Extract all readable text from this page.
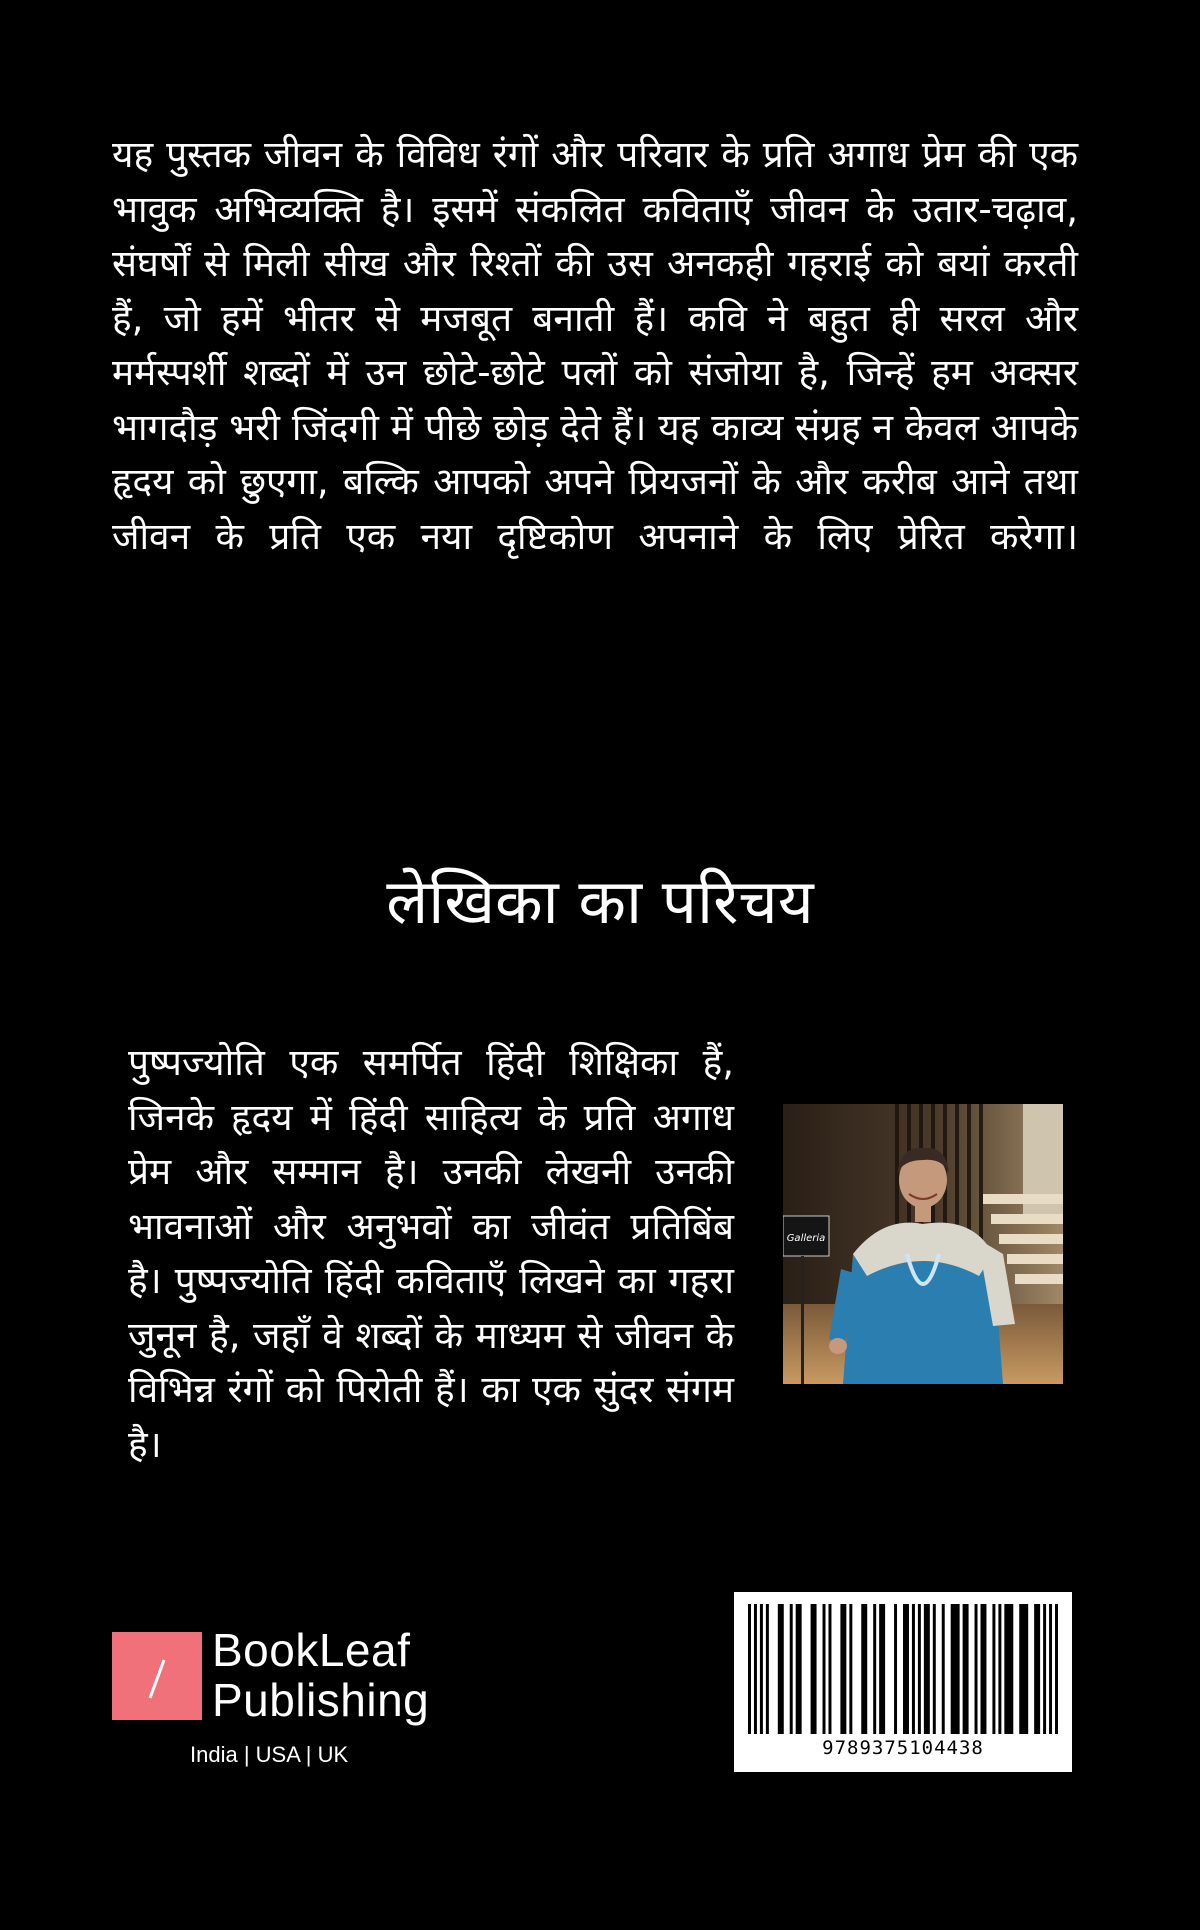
यह पुस्तक जीवन के विविध रंगों और परिवार के प्रति अगाध प्रेम की एक भावुक अभिव्यक्ति है। इसमें संकलित कविताएँ जीवन के उतार-चढ़ाव, संघर्षों से मिली सीख और रिश्तों की उस अनकही गहराई को बयां करती हैं, जो हमें भीतर से मजबूत बनाती हैं। कवि ने बहुत ही सरल और मर्मस्पर्शी शब्दों में उन छोटे-छोटे पलों को संजोया है, जिन्हें हम अक्सर भागदौड़ भरी जिंदगी में पीछे छोड़ देते हैं। यह काव्य संग्रह न केवल आपके हृदय को छुएगा, बल्कि आपको अपने प्रियजनों के और करीब आने तथा जीवन के प्रति एक नया दृष्टिकोण अपनाने के लिए प्रेरित करेगा।

लेखिका का परिचय

पुष्पज्योति एक समर्पित हिंदी शिक्षिका हैं, जिनके हृदय में हिंदी साहित्य के प्रति अगाध प्रेम और सम्मान है। उनकी लेखनी उनकी भावनाओं और अनुभवों का जीवंत प्रतिबिंब है। पुष्पज्योति हिंदी कविताएँ लिखने का गहरा जुनून है, जहाँ वे शब्दों के माध्यम से जीवन के विभिन्न रंगों को पिरोती हैं। का एक सुंदर संगम है।

Galleria
BookLeaf
Publishing
India | USA | UK	9789375104438
